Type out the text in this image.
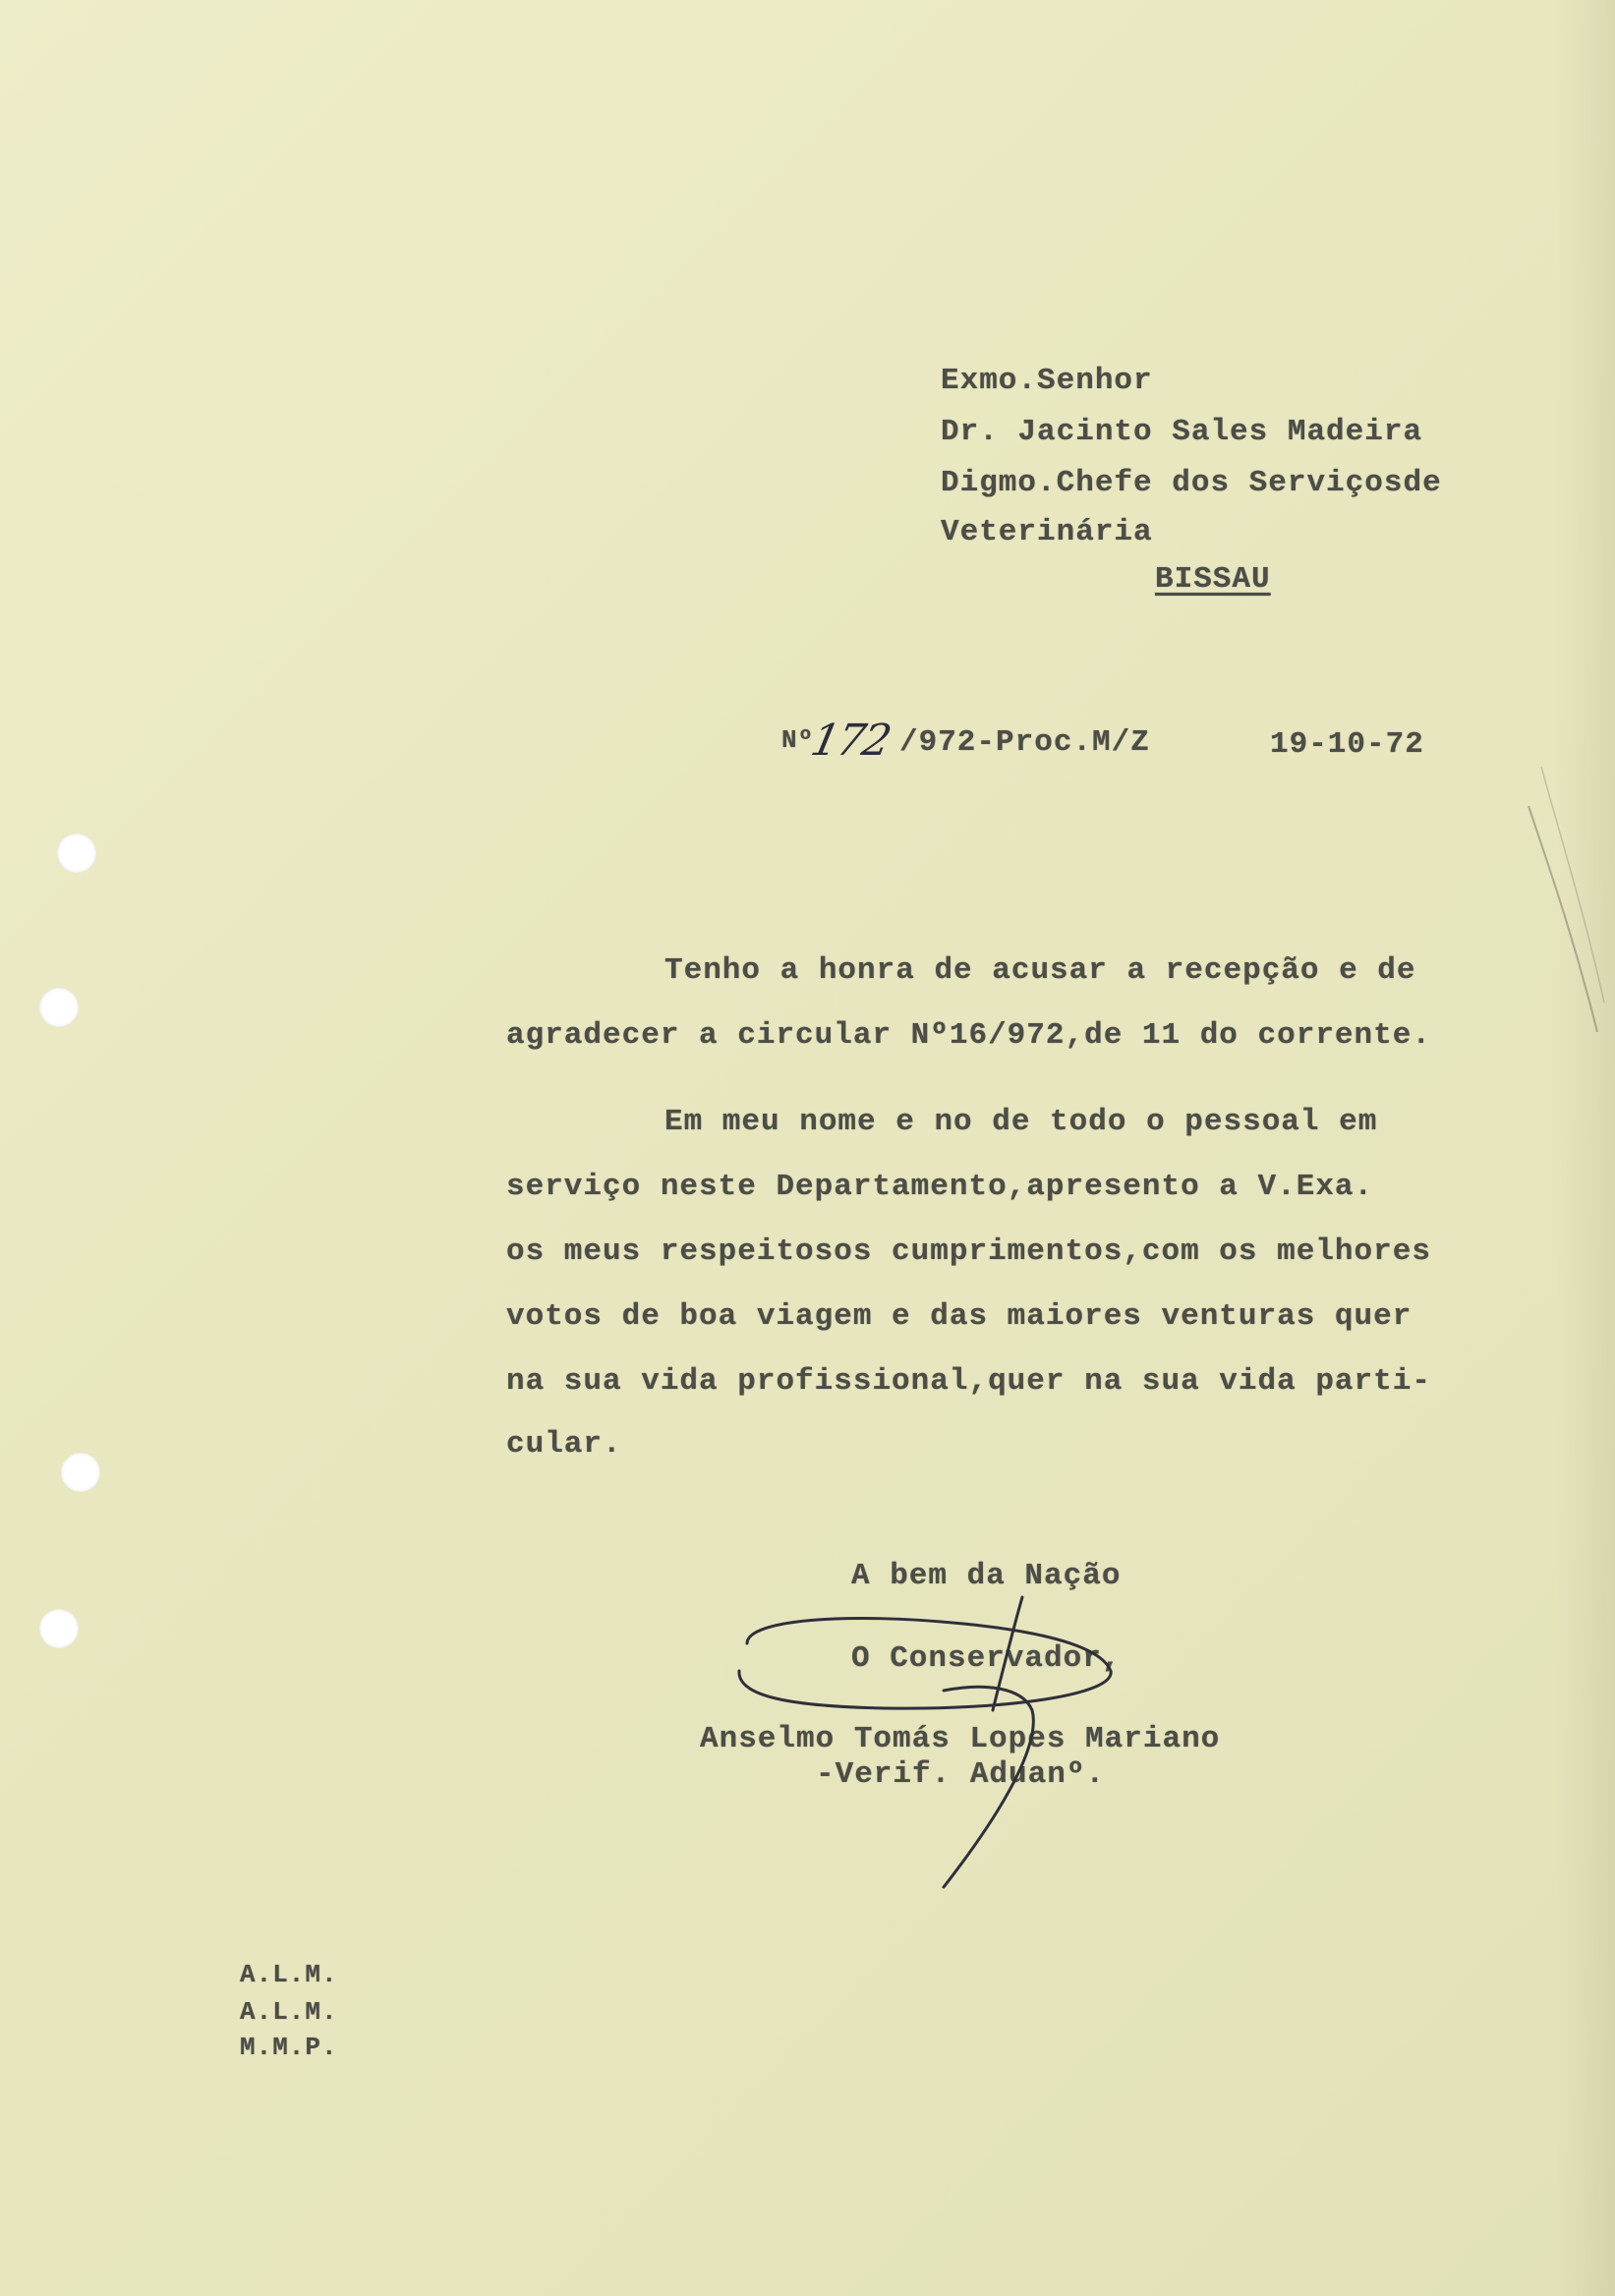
Exmo.Senhor
Dr. Jacinto Sales Madeira
Digmo.Chefe dos Serviçosde
Veterinária
BISSAU
Nº
172 /972-Proc.M/Z	19-10-72
Tenho a honra de acusar a recepção e de
agradecer a circular Nº16/972,de 11 do corrente.
Em meu nome e no de todo o pessoal em
serviço neste Departamento,apresento a V.Exa.
os meus respeitosos cumprimentos,com os melhores
votos de boa viagem e das maiores venturas quer
na sua vida profissional,quer na sua vida parti-
cular.
A bem da Nação
O Conservador,
Anselmo Tomás Lopes Mariano
-Verif. Aduanº.
A.L.M.
A.L.M.
M.M.P.
